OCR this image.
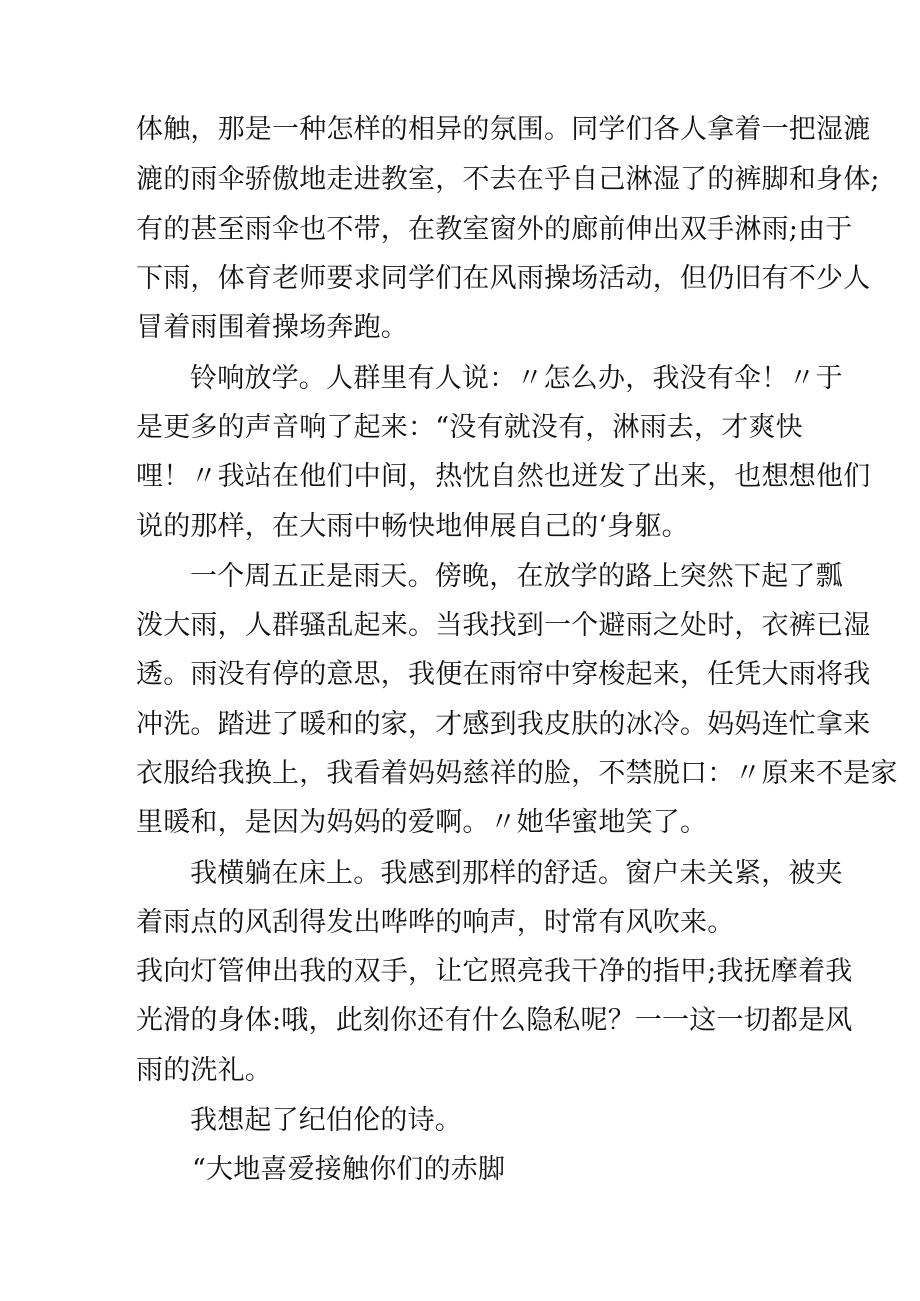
体触，那是一种怎样的相异的氛围。同学们各人拿着一把湿漉
漉的雨伞骄傲地走进教室，不去在乎自己淋湿了的裤脚和身体;
有的甚至雨伞也不带，在教室窗外的廊前伸出双手淋雨;由于
下雨，体育老师要求同学们在风雨操场活动，但仍旧有不少人
冒着雨围着操场奔跑。
铃响放学。人群里有人说：〃怎么办，我没有伞！〃于
是更多的声音响了起来：“没有就没有，淋雨去，才爽快
哩！〃我站在他们中间，热忱自然也迸发了出来，也想想他们
说的那样，在大雨中畅快地伸展自己的‘身躯。
一个周五正是雨天。傍晚，在放学的路上突然下起了瓢
泼大雨，人群骚乱起来。当我找到一个避雨之处时，衣裤已湿
透。雨没有停的意思，我便在雨帘中穿梭起来，任凭大雨将我
冲洗。踏进了暖和的家，才感到我皮肤的冰冷。妈妈连忙拿来
衣服给我换上，我看着妈妈慈祥的脸，不禁脱口：〃原来不是家
里暖和，是因为妈妈的爱啊。〃她华蜜地笑了。
我横躺在床上。我感到那样的舒适。窗户未关紧，被夹
着雨点的风刮得发出哗哗的响声，时常有风吹来。
我向灯管伸出我的双手，让它照亮我干净的指甲;我抚摩着我
光滑的身体:哦，此刻你还有什么隐私呢？一一这一切都是风
雨的洗礼。
我想起了纪伯伦的诗。
“大地喜爱接触你们的赤脚
